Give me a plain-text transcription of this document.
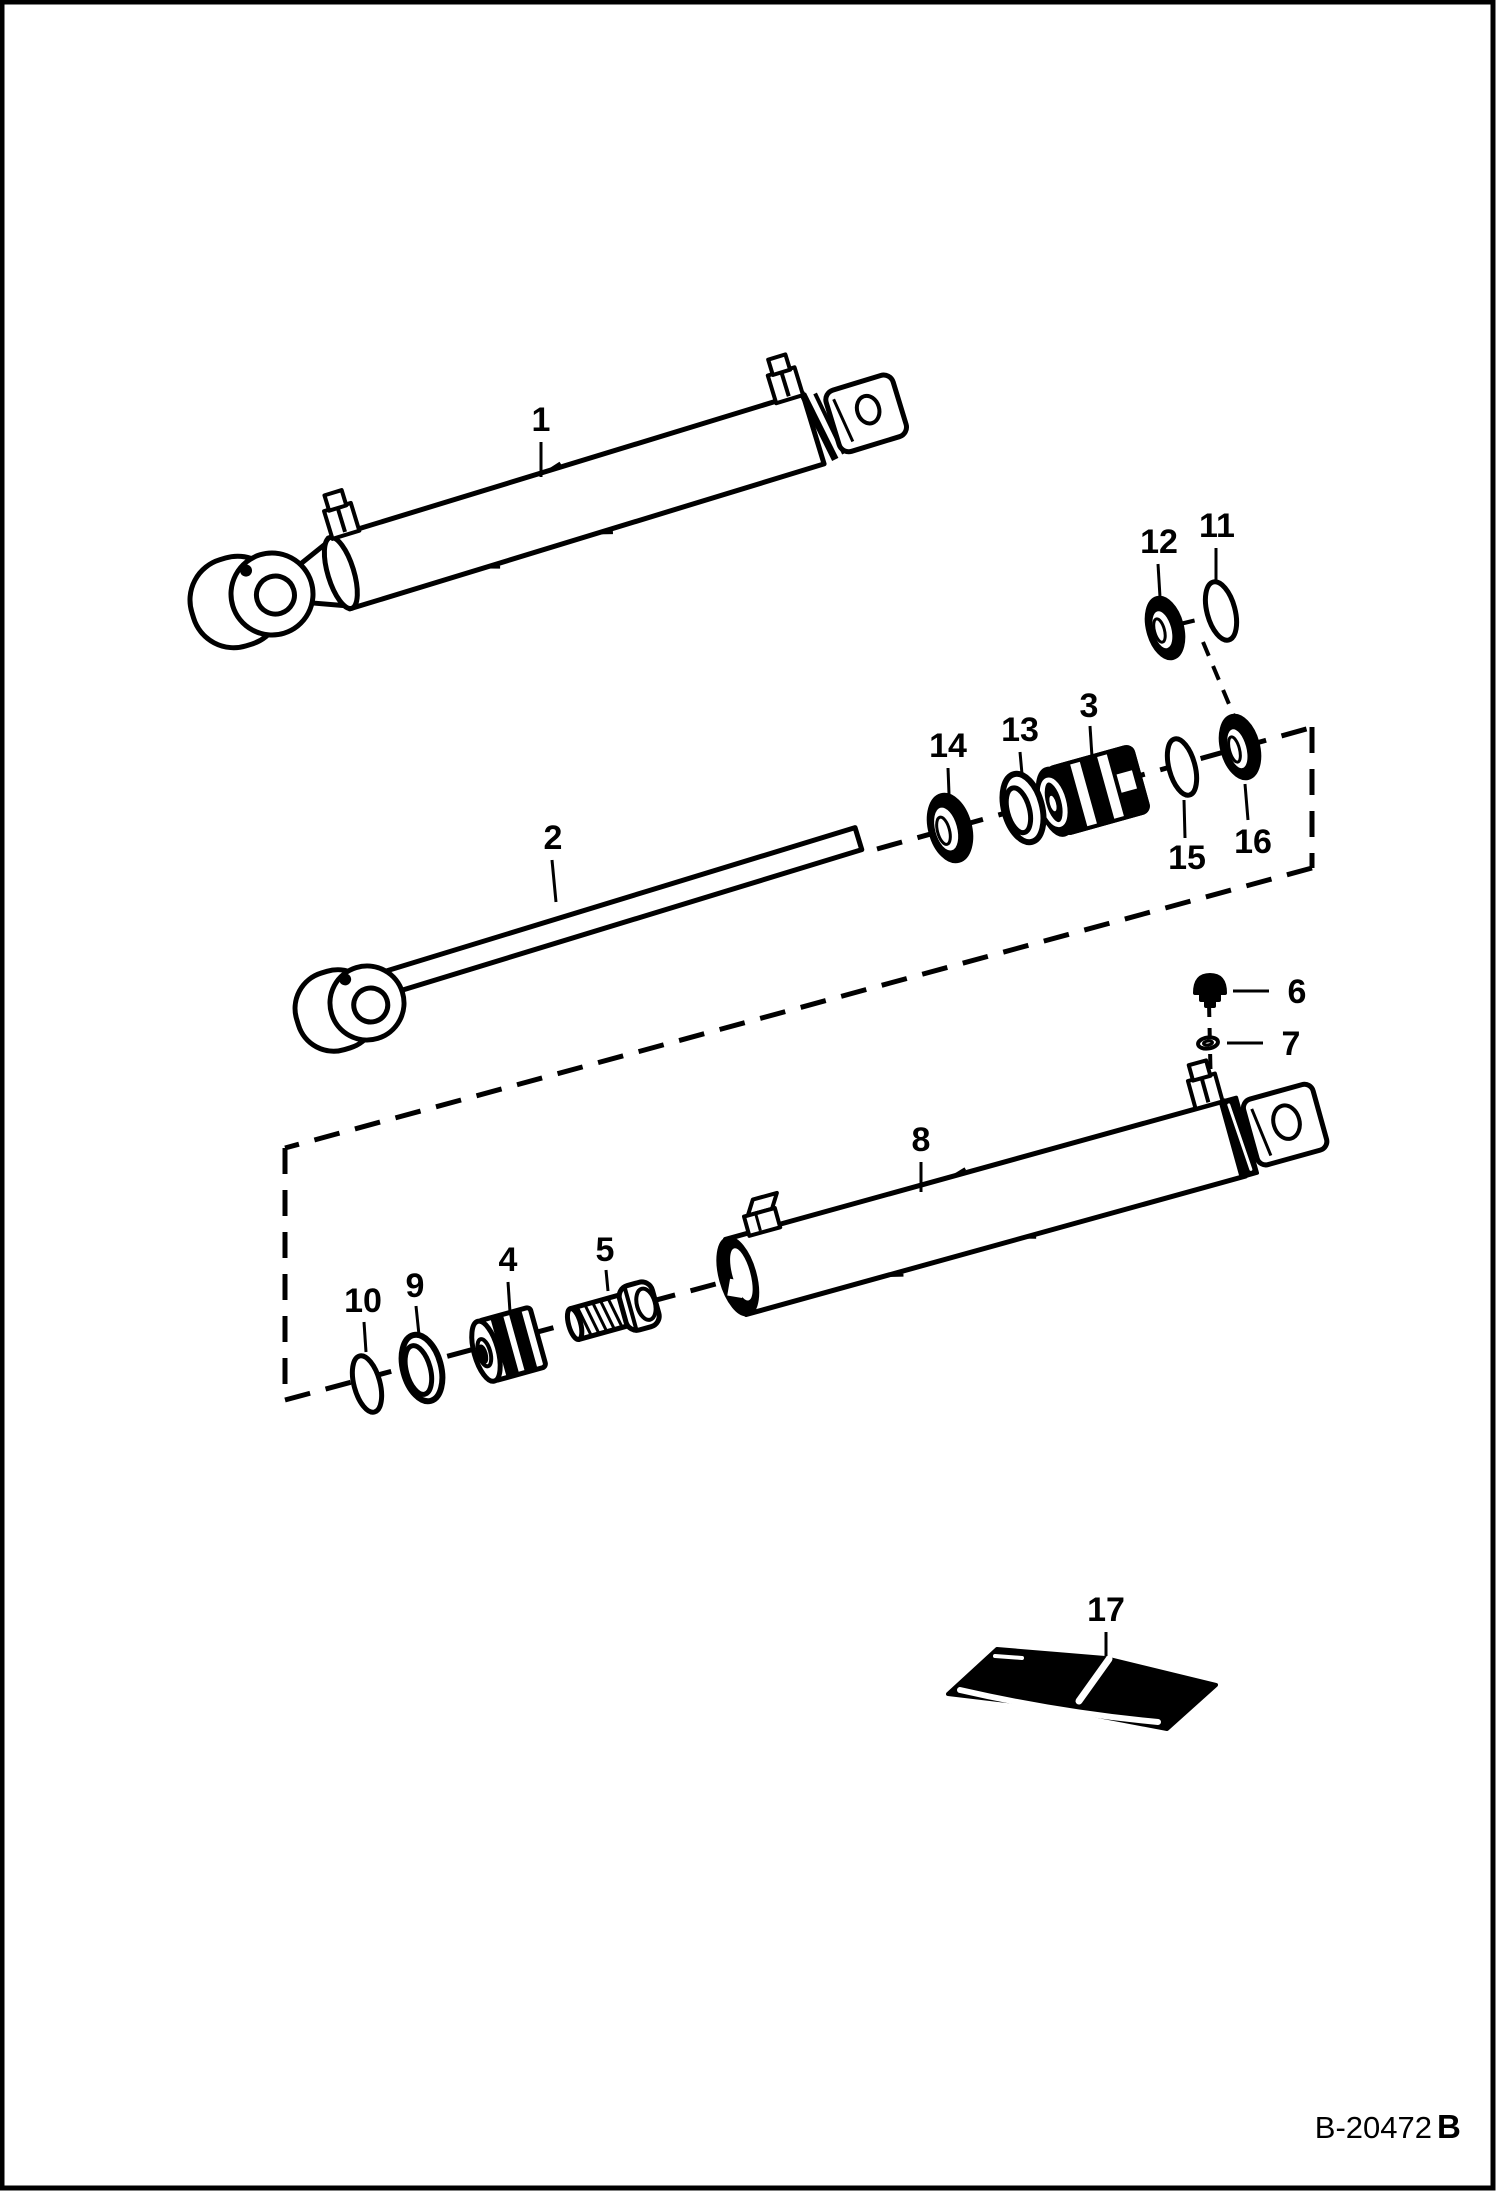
1
2
3
4 5
6
7
8
9
10
11
12
13
14
15 16
17
B-20472 B
